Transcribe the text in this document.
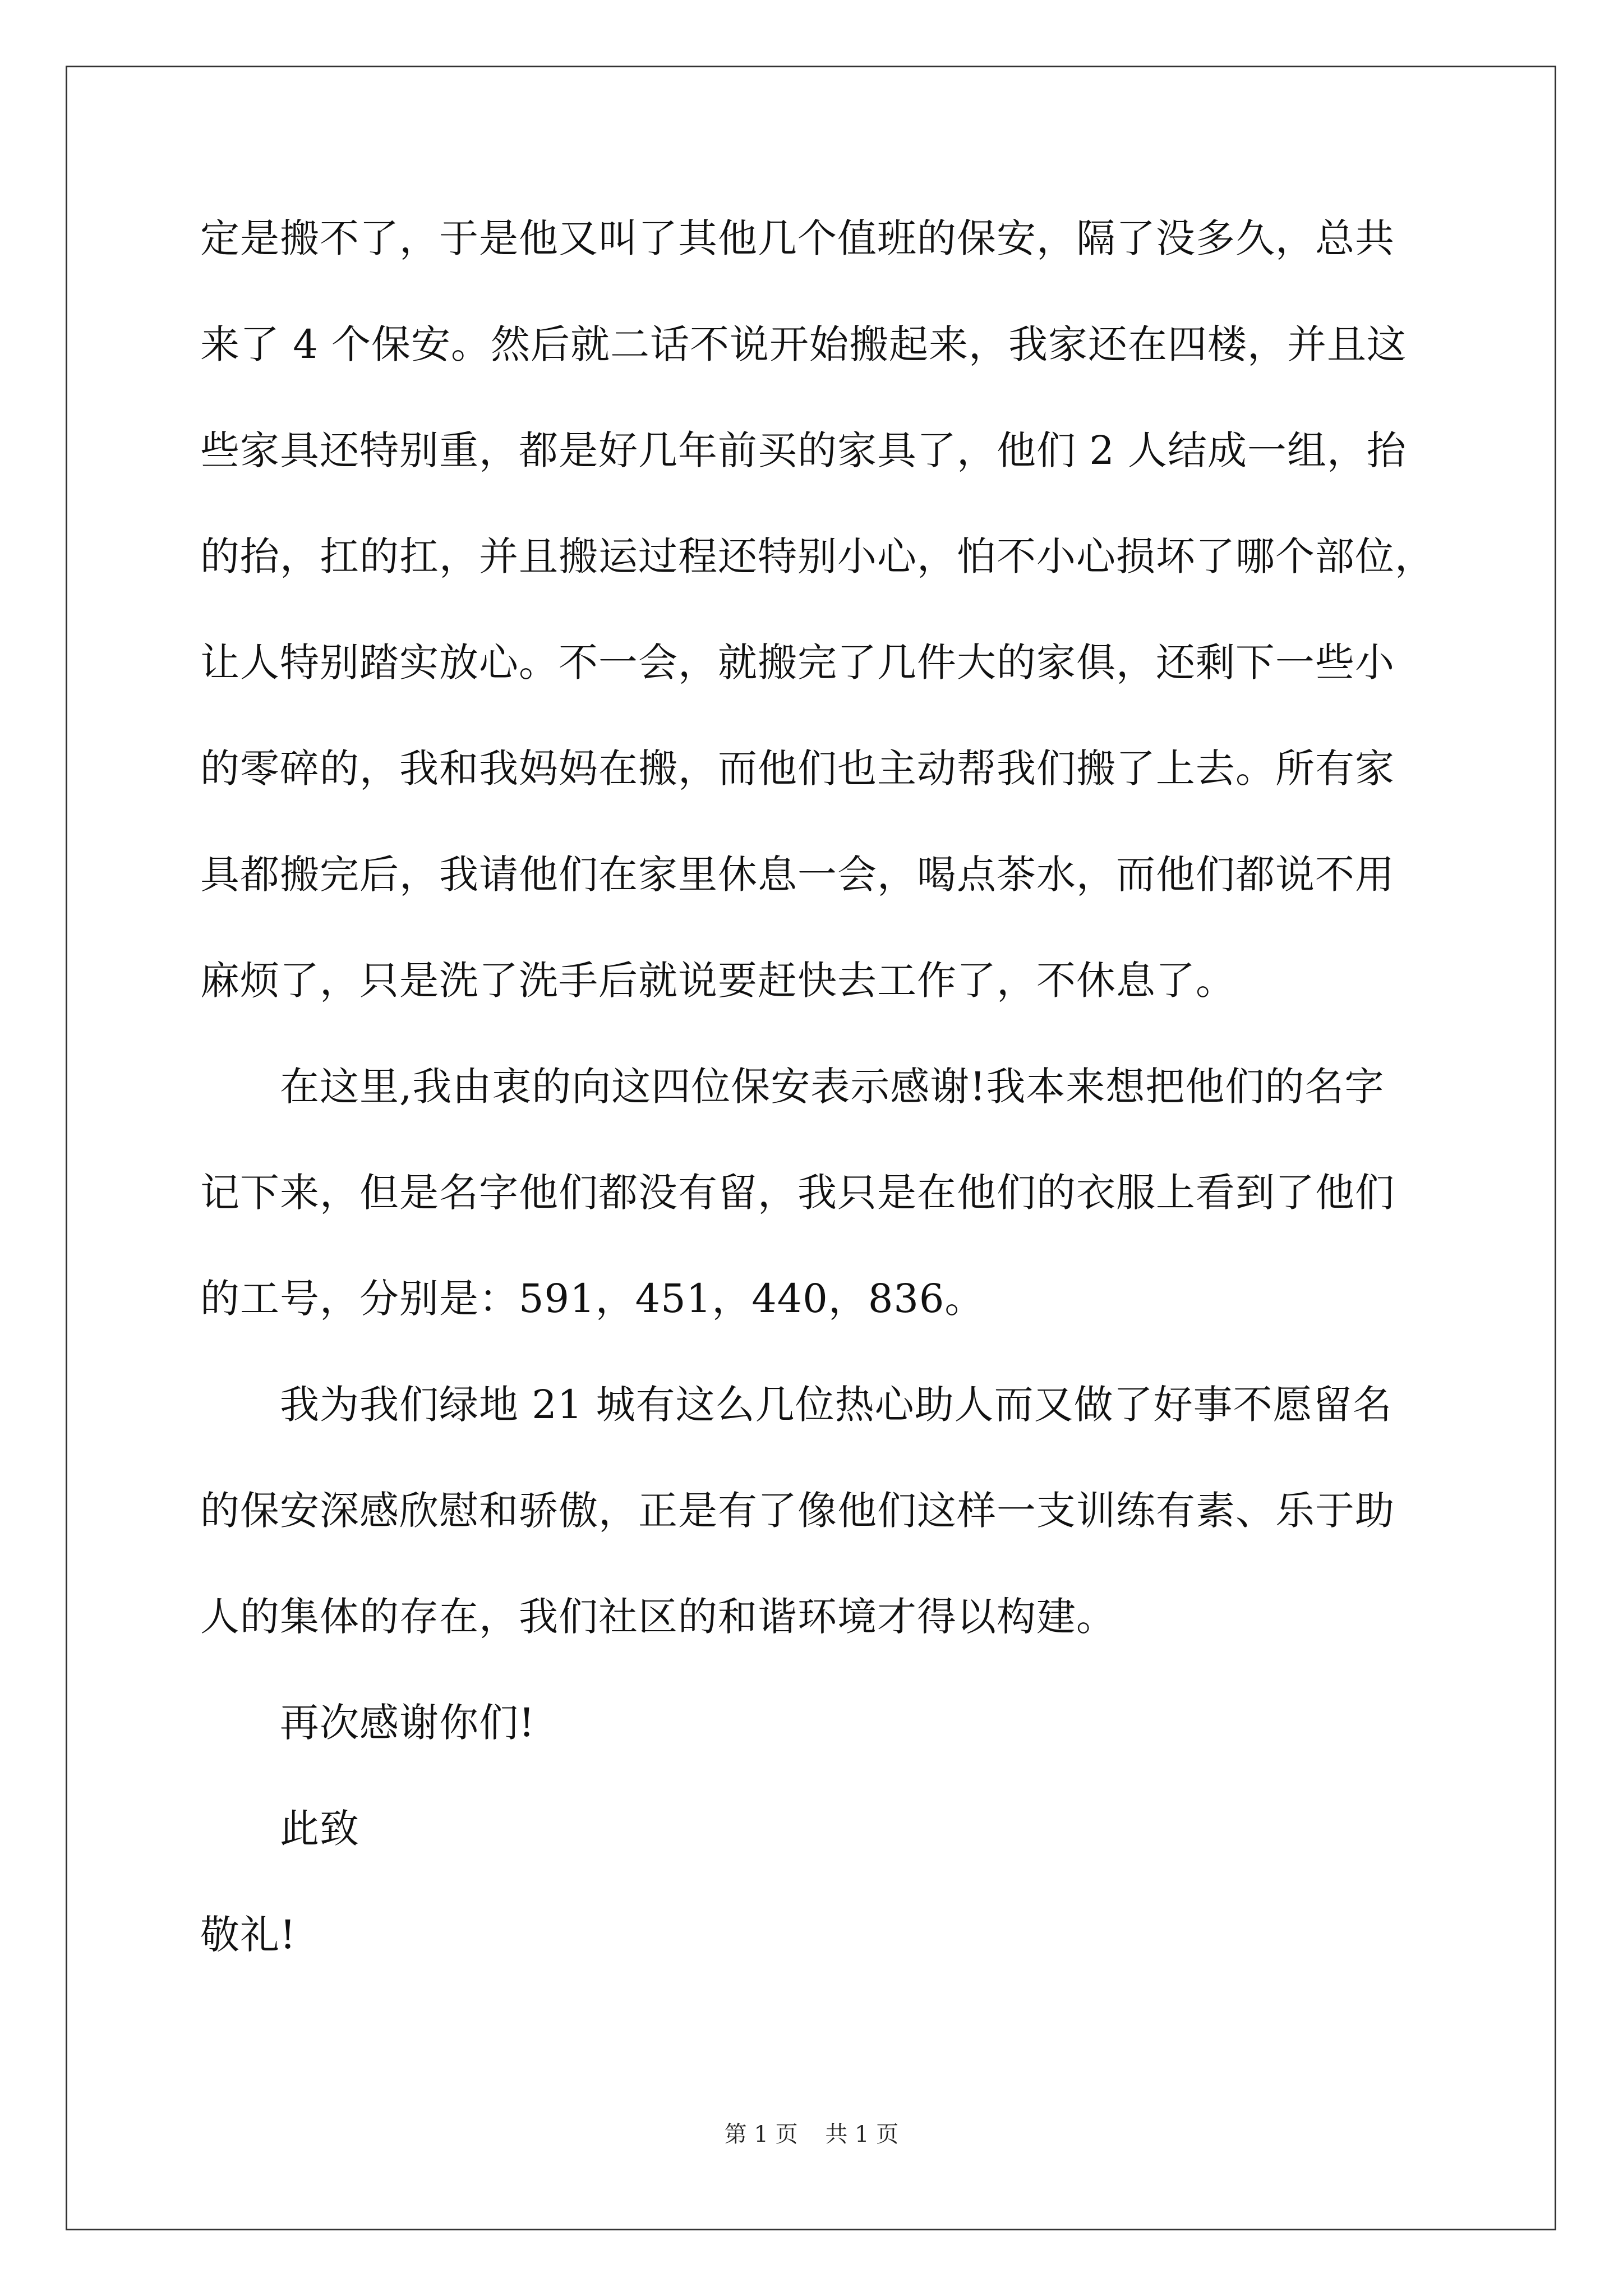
定是搬不了，于是他又叫了其他几个值班的保安，隔了没多久，总共
来了 4 个保安。然后就二话不说开始搬起来，我家还在四楼，并且这
些家具还特别重，都是好几年前买的家具了，他们 2 人结成一组，抬
的抬，扛的扛，并且搬运过程还特别小心，怕不小心损坏了哪个部位，
让人特别踏实放心。不一会，就搬完了几件大的家俱，还剩下一些小
的零碎的，我和我妈妈在搬，而他们也主动帮我们搬了上去。所有家
具都搬完后，我请他们在家里休息一会，喝点茶水，而他们都说不用
麻烦了，只是洗了洗手后就说要赶快去工作了，不休息了。
在这里,我由衷的向这四位保安表示感谢!我本来想把他们的名字
记下来，但是名字他们都没有留，我只是在他们的衣服上看到了他们
的工号，分别是：591，451，440，836。
我为我们绿地 21 城有这么几位热心助人而又做了好事不愿留名
的保安深感欣慰和骄傲，正是有了像他们这样一支训练有素、乐于助
人的集体的存在，我们社区的和谐环境才得以构建。
再次感谢你们!
此致
敬礼!
第 1 页 共 1 页
